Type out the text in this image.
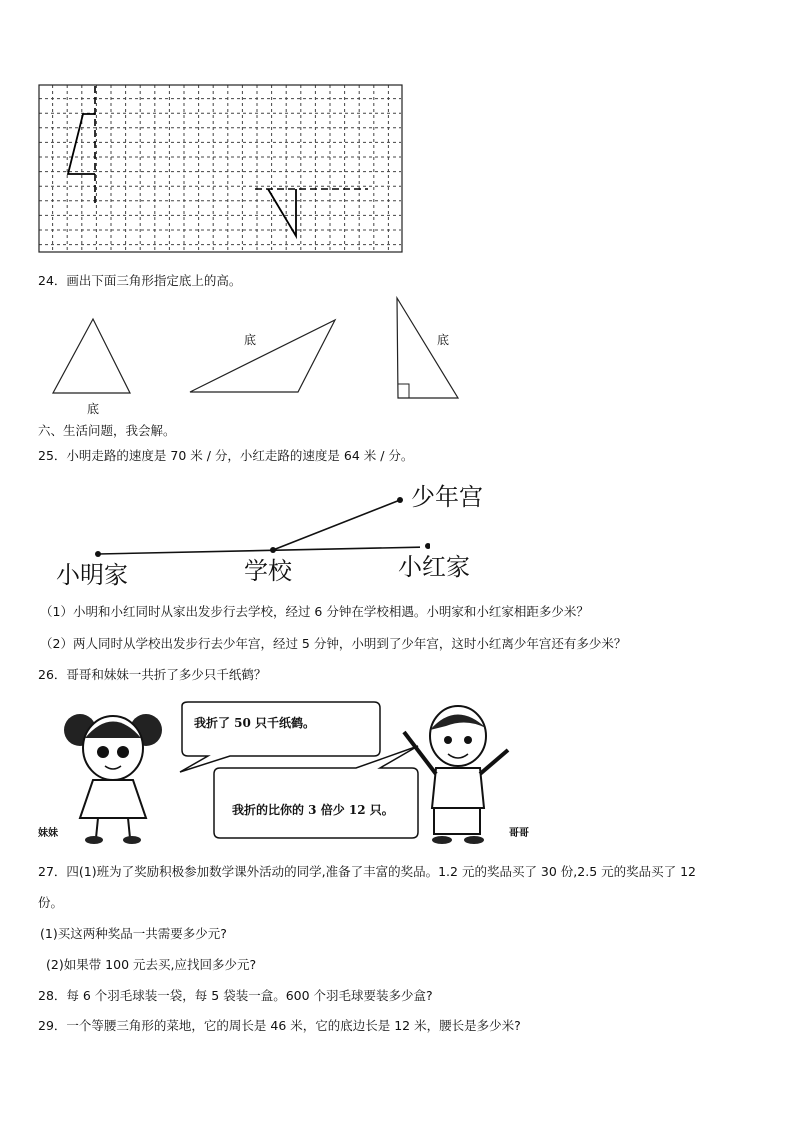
24．画出下面三角形指定底上的高。
底
底	底
六、生活问题，我会解。
25．小明走路的速度是 70 米 / 分，小红走路的速度是 64 米 / 分。
小明家	学校	小红家
少年宫
（1）小明和小红同时从家出发步行去学校，经过 6 分钟在学校相遇。小明家和小红家相距多少米？
（2）两人同时从学校出发步行去少年宫，经过 5 分钟，小明到了少年宫，这时小红离少年宫还有多少米？
26．哥哥和妹妹一共折了多少只千纸鹤？
我折了 50 只千纸鹤。
我折的比你的 3 倍少 12 只。
妹妹	哥哥
27．四(1)班为了奖励积极参加数学课外活动的同学,准备了丰富的奖品。1.2 元的奖品买了 30 份,2.5 元的奖品买了 12
份。
(1)买这两种奖品一共需要多少元?
(2)如果带 100 元去买,应找回多少元?
28．每 6 个羽毛球装一袋，每 5 袋装一盒。600 个羽毛球要装多少盒?
29．一个等腰三角形的菜地，它的周长是 46 米，它的底边长是 12 米，腰长是多少米?
